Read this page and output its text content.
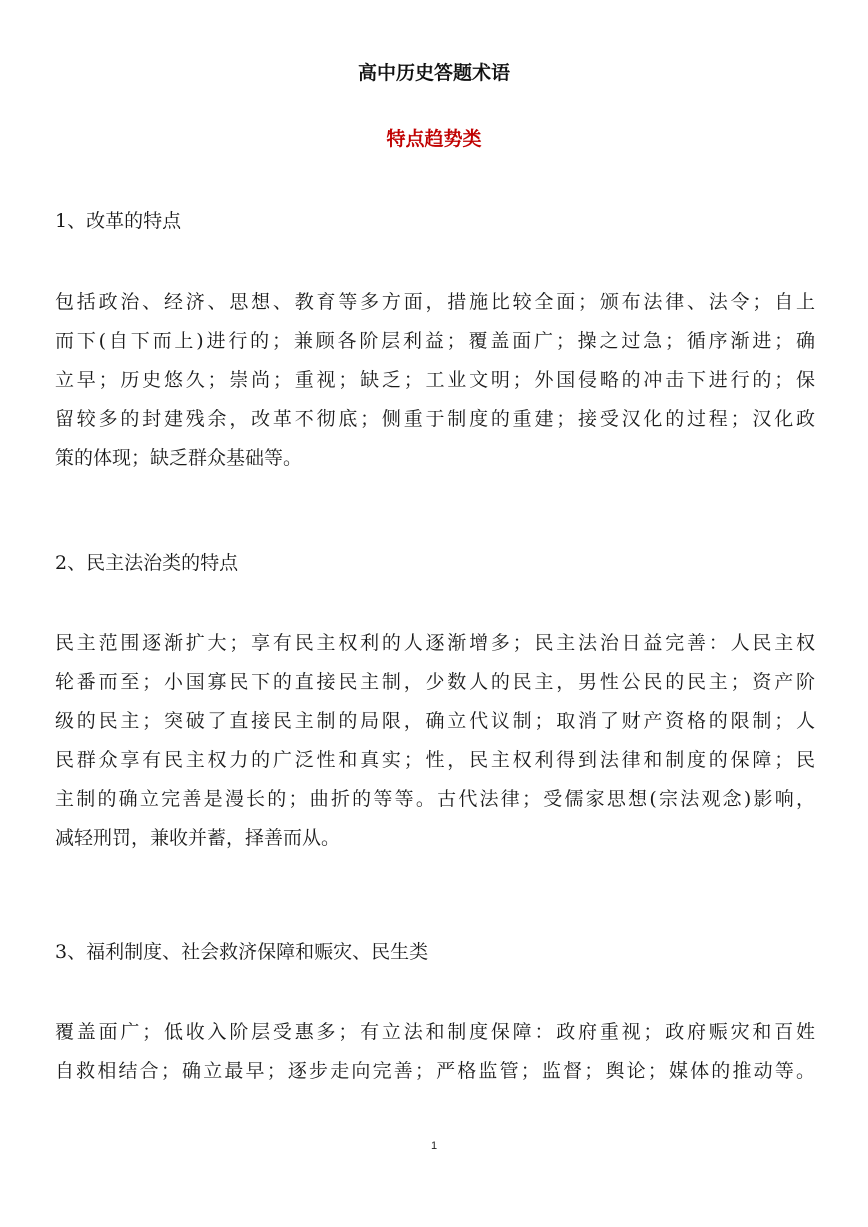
高中历史答题术语
特点趋势类
1、改革的特点
包括政治、经济、思想、教育等多方面，措施比较全面；颁布法律、法令；自上
而下(自下而上)进行的；兼顾各阶层利益；覆盖面广；操之过急；循序渐进；确
立早；历史悠久；崇尚；重视；缺乏；工业文明；外国侵略的冲击下进行的；保
留较多的封建残余，改革不彻底；侧重于制度的重建；接受汉化的过程；汉化政
策的体现；缺乏群众基础等。
2、民主法治类的特点
民主范围逐渐扩大；享有民主权利的人逐渐增多；民主法治日益完善：人民主权
轮番而至；小国寡民下的直接民主制，少数人的民主，男性公民的民主；资产阶
级的民主；突破了直接民主制的局限，确立代议制；取消了财产资格的限制；人
民群众享有民主权力的广泛性和真实；性，民主权利得到法律和制度的保障；民
主制的确立完善是漫长的；曲折的等等。古代法律；受儒家思想(宗法观念)影响，
减轻刑罚，兼收并蓄，择善而从。
3、福利制度、社会救济保障和赈灾、民生类
覆盖面广；低收入阶层受惠多；有立法和制度保障：政府重视；政府赈灾和百姓
自救相结合；确立最早；逐步走向完善；严格监管；监督；舆论；媒体的推动等。
1
